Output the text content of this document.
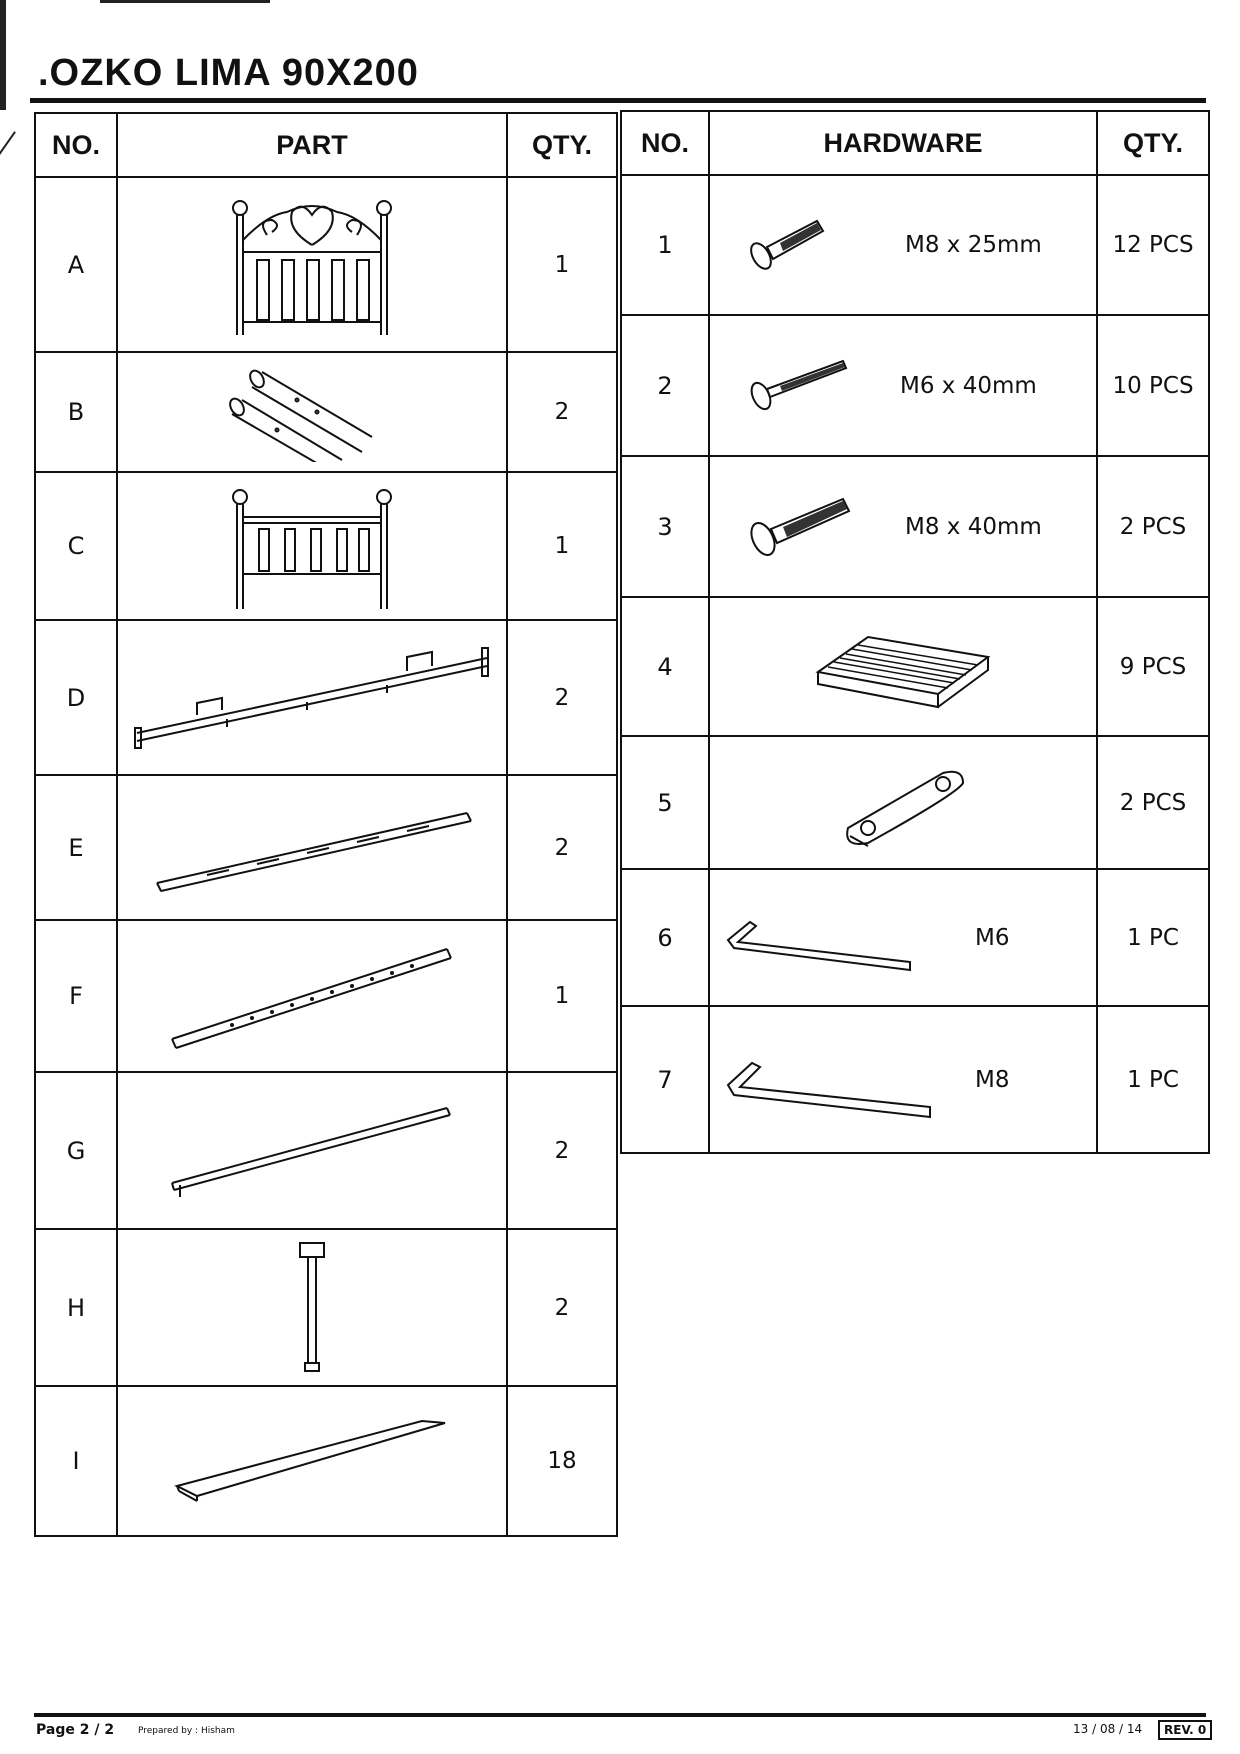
.OZKO LIMA 90X200
NO.	PART	QTY.
A		1
B		2
C		1
D		2
E		2
F		1
G		2
H		2
I		18
NO.	HARDWARE	QTY.
1	M8 x 25mm	12 PCS
2	M6 x 40mm	10 PCS
3	M8 x 40mm	2 PCS
4		9 PCS
5		2 PCS
6	M6	1 PC
7	M8	1 PC
Page 2 / 2	Prepared by : Hisham	13 / 08 / 14	REV. 0
